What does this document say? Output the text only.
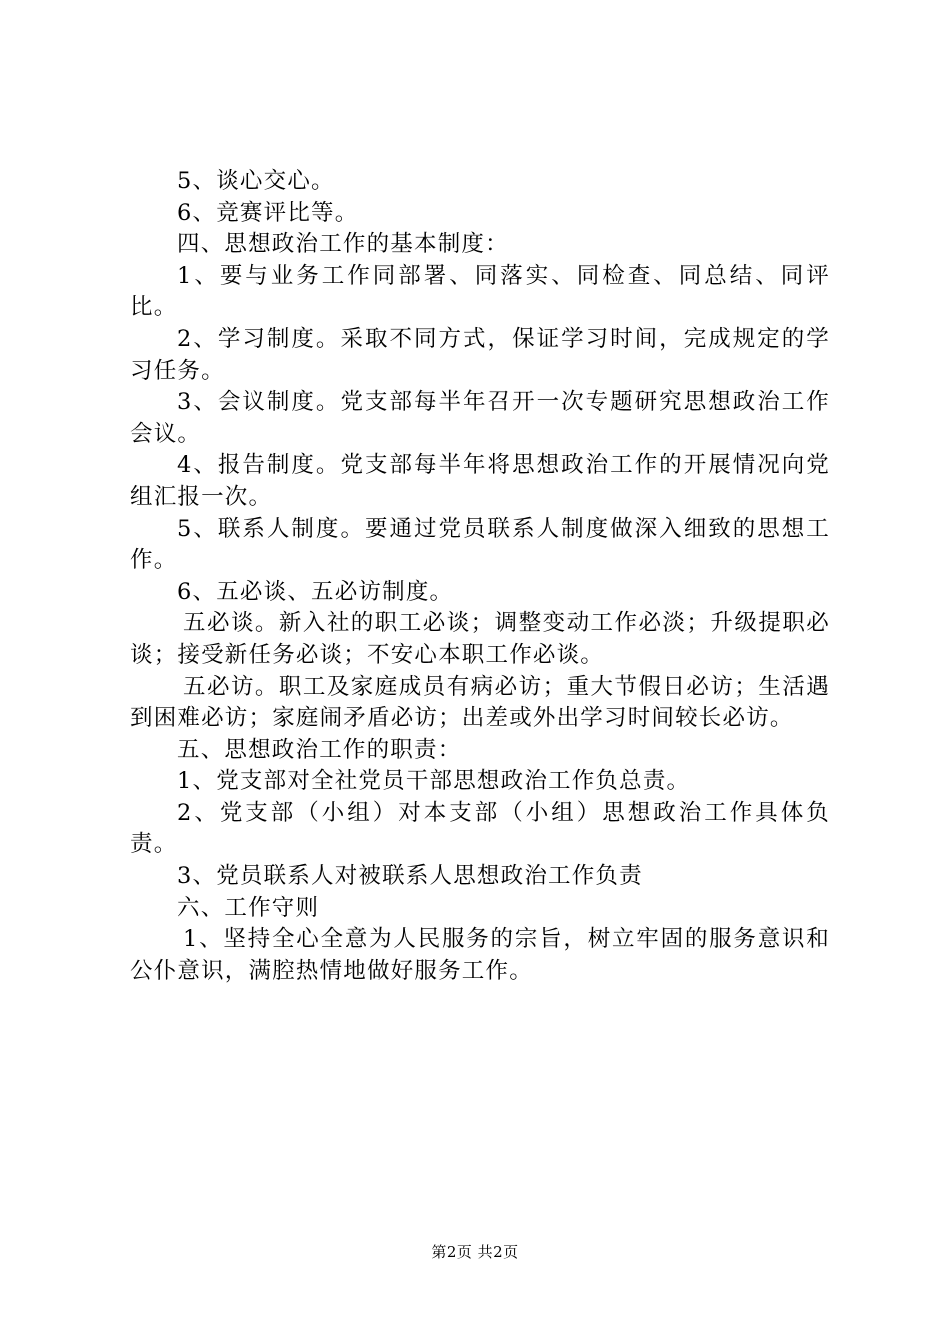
5、谈心交心。

6、竞赛评比等。

四、思想政治工作的基本制度：

1、要与业务工作同部署、同落实、同检查、同总结、同评比。

2、学习制度。采取不同方式，保证学习时间，完成规定的学习任务。

3、会议制度。党支部每半年召开一次专题研究思想政治工作会议。

4、报告制度。党支部每半年将思想政治工作的开展情况向党组汇报一次。

5、联系人制度。要通过党员联系人制度做深入细致的思想工作。

6、五必谈、五必访制度。

五必谈。新入社的职工必谈；调整变动工作必淡；升级提职必谈；接受新任务必谈；不安心本职工作必谈。

五必访。职工及家庭成员有病必访；重大节假日必访；生活遇到困难必访；家庭闹矛盾必访；出差或外出学习时间较长必访。

五、思想政治工作的职责：

1、党支部对全社党员干部思想政治工作负总责。

2、党支部（小组）对本支部（小组）思想政治工作具体负责。

3、党员联系人对被联系人思想政治工作负责

六、工作守则

1、坚持全心全意为人民服务的宗旨，树立牢固的服务意识和公仆意识，满腔热情地做好服务工作。

第2页 共2页
